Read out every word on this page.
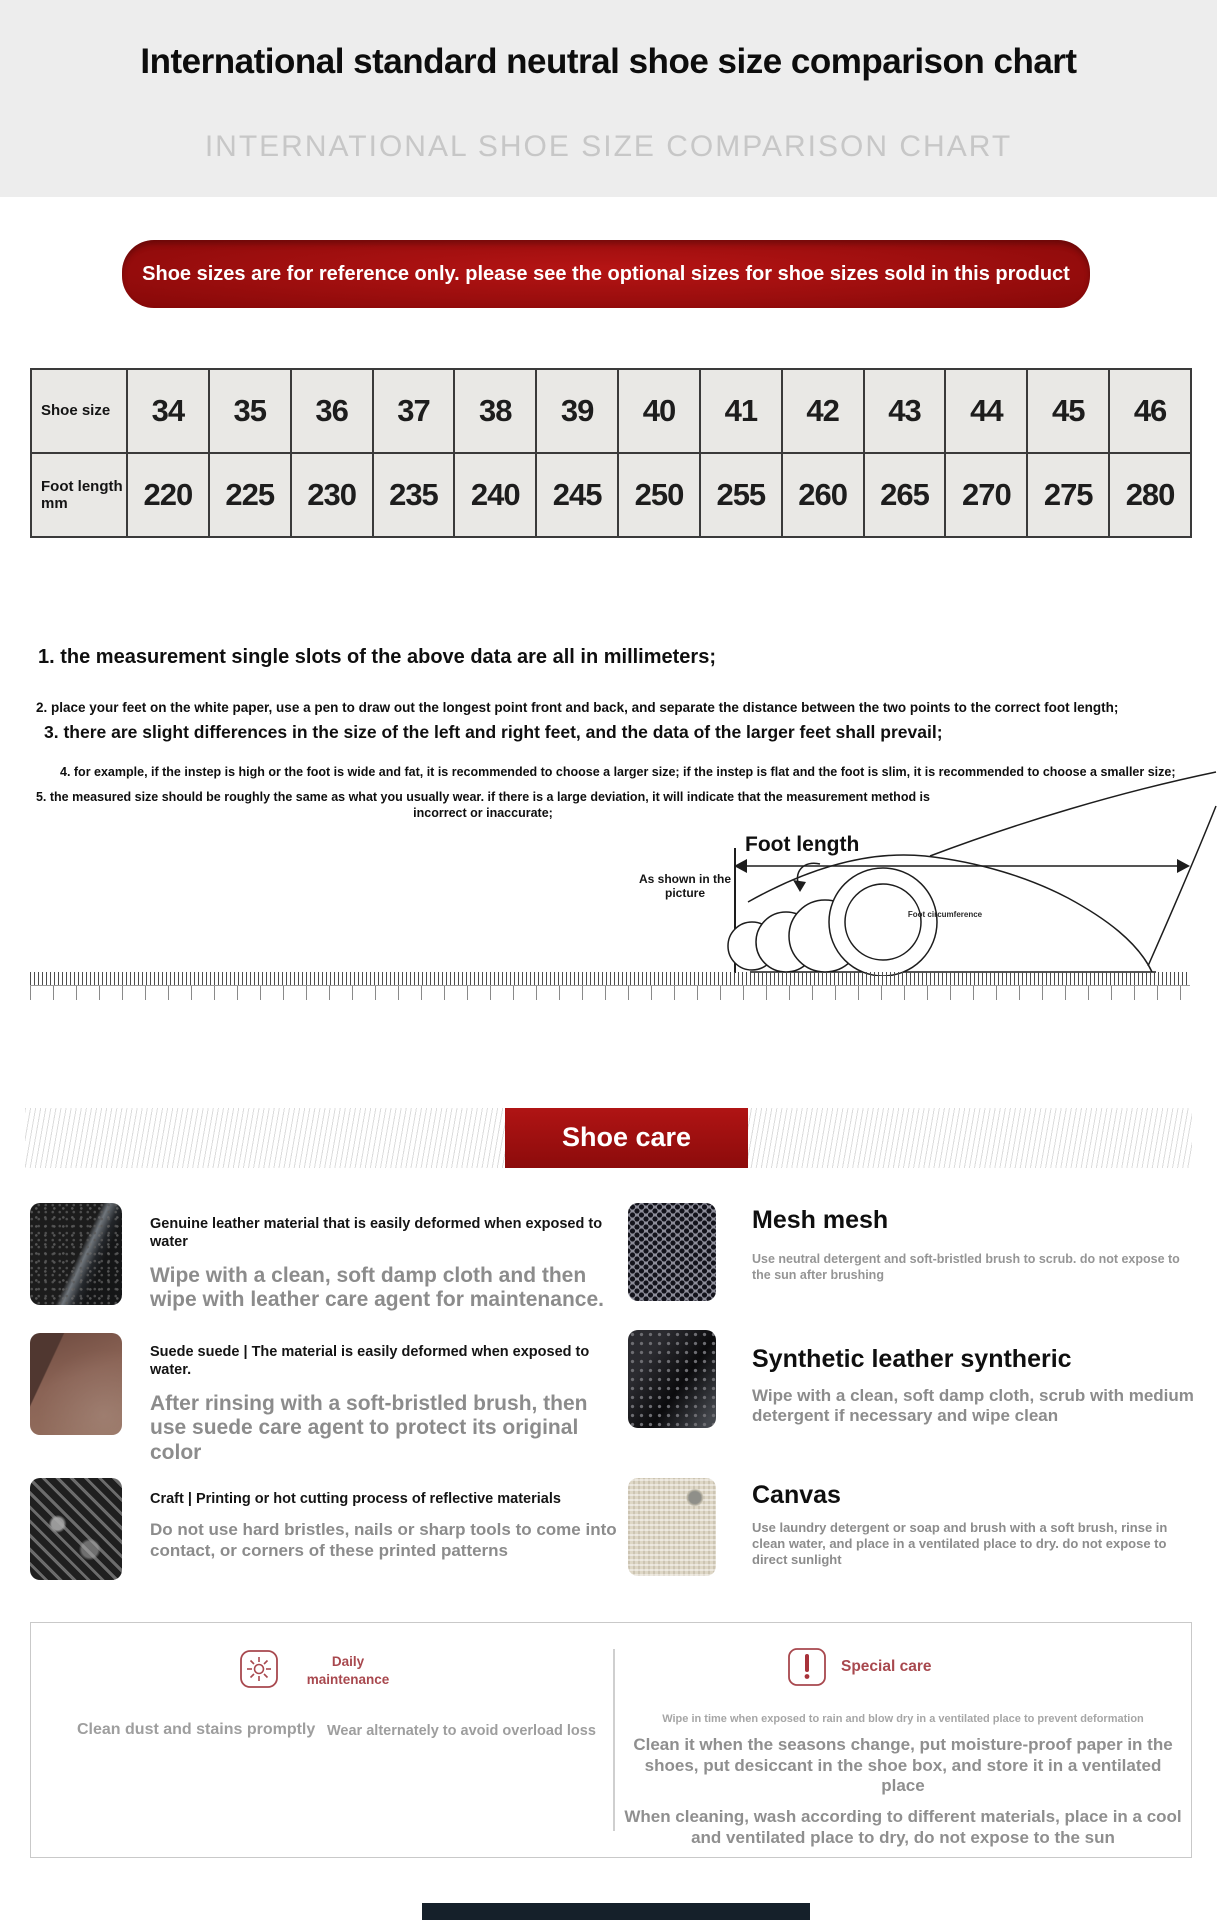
International standard neutral shoe size comparison chart
INTERNATIONAL SHOE SIZE COMPARISON CHART
Shoe sizes are for reference only. please see the optional sizes for shoe sizes sold in this product
Shoe size	34	35	36	37	38	39	40	41	42	43	44	45	46
Foot length mm	220	225	230	235	240	245	250	255	260	265	270	275	280
1. the measurement single slots of the above data are all in millimeters;
2. place your feet on the white paper, use a pen to draw out the longest point front and back, and separate the distance between the two points to the correct foot length;
3. there are slight differences in the size of the left and right feet, and the data of the larger feet shall prevail;
4. for example, if the instep is high or the foot is wide and fat, it is recommended to choose a larger size; if the instep is flat and the foot is slim, it is recommended to choose a smaller size;
5. the measured size should be roughly the same as what you usually wear. if there is a large deviation, it will indicate that the measurement method is incorrect or inaccurate;
Foot length
As shown in the picture
Foot circumference
Shoe care
Genuine leather material that is easily deformed when exposed to water
Wipe with a clean, soft damp cloth and then wipe with leather care agent for maintenance.
Mesh mesh
Use neutral detergent and soft-bristled brush to scrub. do not expose to the sun after brushing
Suede suede | The material is easily deformed when exposed to water.
After rinsing with a soft-bristled brush, then use suede care agent to protect its original color
Synthetic leather syntheric
Wipe with a clean, soft damp cloth, scrub with medium detergent if necessary and wipe clean
Craft | Printing or hot cutting process of reflective materials
Do not use hard bristles, nails or sharp tools to come into contact, or corners of these printed patterns
Canvas
Use laundry detergent or soap and brush with a soft brush, rinse in clean water, and place in a ventilated place to dry. do not expose to direct sunlight
Daily maintenance
Clean dust and stains promptly Wear alternately to avoid overload loss
Special care
Wipe in time when exposed to rain and blow dry in a ventilated place to prevent deformation
Clean it when the seasons change, put moisture-proof paper in the shoes, put desiccant in the shoe box, and store it in a ventilated place
When cleaning, wash according to different materials, place in a cool and ventilated place to dry, do not expose to the sun
